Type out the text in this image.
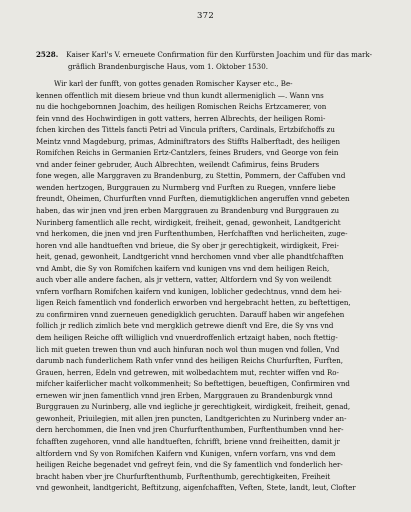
372
2528. Kaiser Karl's V. erneuete Confirmation für den Kurfürsten Joachim und für das mark-
gräflich Brandenburgische Haus, vom 1. Oktober 1530.
Wir karl der funfft, von gottes genaden Romischer Kayser etc., Be-
kennen offentlich mit diesem brieue vnd thun kundt allermeniglich —. Wann vns
nu die hochgebornnen Joachim, des heiligen Romischen Reichs Ertzcamerer, von
fein vnnd des Hochwirdigen in gott vatters, herren Albrechts, der heiligen Romi-
fchen kirchen des Tittels fancti Petri ad Vincula prifters, Cardinals, Ertzbifchoffs zu
Meintz vnnd Magdeburg, primas, Adminiftrators des Stiffts Halberftadt, des heiligen
Romifchen Reichs in Germanien Ertz-Cantzlers, feines Bruders, vnd George von fein
vnd ander feiner gebruder, Auch Albrechten, weilendt Cafimirus, feins Bruders
fone wegen, alle Marggraven zu Brandenburg, zu Stettin, Pommern, der Caffuben vnd
wenden hertzogen, Burggrauen zu Nurmberg vnd Furften zu Ruegen, vnnfere liebe
freundt, Oheimen, Churfurften vnnd Furften, diemutigklichen angeruffen vnnd gebeten
haben, das wir jnen vnd jren erben Marggrauen zu Brandenburg vnd Burggrauen zu
Nurinberg famentlich alle recht, wirdigkeit, freiheit, genad, gewonheit, Landtgericht
vnd herkomen, die jnen vnd jren Furftenthumben, Herfchafften vnd herlicheiten, zuge-
horen vnd alle handtueften vnd brieue, die Sy ober jr gerechtigkeit, wirdigkeit, Frei-
heit, genad, gewonheit, Landtgericht vnnd herchomen vnnd vber alle phandtfchafften
vnd Ambt, die Sy von Romifchen kaifern vnd kunigen vns vnd dem heiligen Reich,
auch vber alle andere fachen, als jr vettern, vatter, Altfordern vnd Sy von weilendt
vnfern vorfharn Romifchen kaifern vnd kunigen, loblicher gedechtnus, vnnd dem hei-
ligen Reich famentlich vnd fonderlich erworben vnd hergebracht hetten, zu beftettigen,
zu confirmiren vnnd zuerneuen genedigklich geruchten. Darauff haben wir angefehen
follich jr redlich zimlich bete vnd mergklich getrewe dienft vnd Ere, die Sy vns vnd
dem heiligen Reiche offt williglich vnd vnuerdroffenlich ertzaigt haben, noch ftettig-
lich mit gueten trewen thun vnd auch hinfuran noch wol thun mugen vnd follen, Vnd
darumb nach funderlichem Rath vnfer vnnd des heiligen Reichs Churfurften, Furften,
Grauen, herren, Edeln vnd getrewen, mit wolbedachtem mut, rechter wiffen vnd Ro-
mifcher kaiferlicher macht volkommenheit; So beftettigen, beueftigen, Confirmiren vnd
ernewen wir jnen famentlich vnnd jren Erben, Marggrauen zu Brandenburgk vnnd
Burggrauen zu Nurinberg, alle vnd iegliche jr gerechtigkeit, wirdigkeit, freiheit, genad,
gewonheit, Priuilegien, mit allen jren puncten, Landtgerichten zu Nurinberg vnder an-
dern herchommen, die Inen vnd jren Churfurftenthumben, Furftenthumben vnnd her-
fchafften zugehoren, vnnd alle handtueften, fchrifft, briene vnnd freiheitten, damit jr
altfordern vnd Sy von Romifchen Kaifern vnd Kunigen, vnfern vorfarn, vns vnd dem
heiligen Reiche begenadet vnd gefreyt fein, vnd die Sy famentlich vnd fonderlich her-
bracht haben vber jre Churfurftenthumb, Furftenthumb, gerechtigkeiten, Freiheit
vnd gewonheit, landtgericht, Beftitzung, aigenfchafften, Veften, Stete, landt, leut, Clofter
